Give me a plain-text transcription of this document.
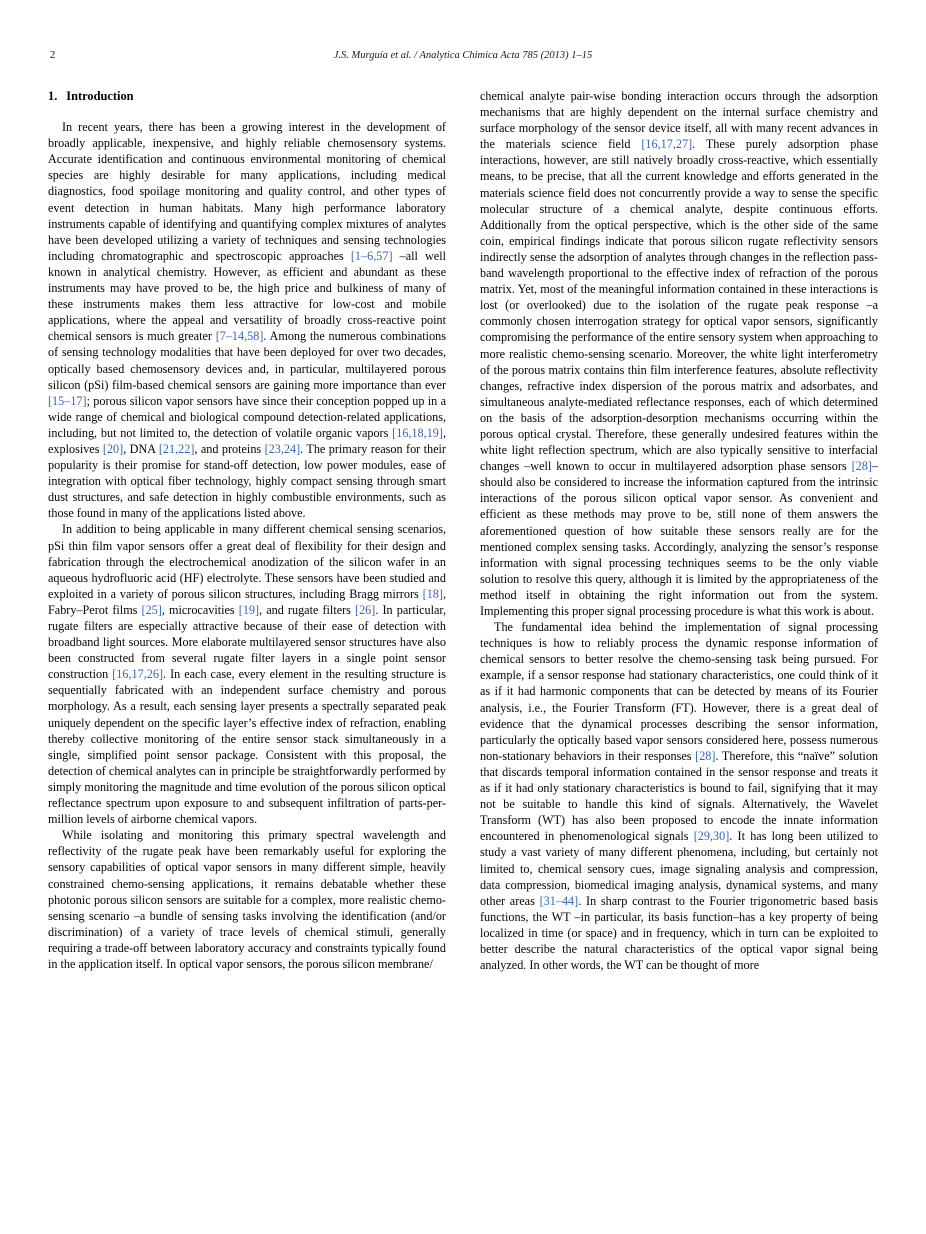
2	J.S. Murguía et al. / Analytica Chimica Acta 785 (2013) 1–15
1. Introduction

In recent years, there has been a growing interest in the development of broadly applicable, inexpensive, and highly reliable chemosensory systems. Accurate identification and continuous environmental monitoring of chemical species are highly desirable for many applications, including medical diagnostics, food spoilage monitoring and quality control, and other types of event detection in human habitats. Many high performance laboratory instruments capable of identifying and quantifying complex mixtures of analytes have been developed utilizing a variety of techniques and sensing technologies including chromatographic and spectroscopic approaches [1–6,57] –all well known in analytical chemistry. However, as efficient and abundant as these instruments may have proved to be, the high price and bulkiness of many of these instruments makes them less attractive for low-cost and mobile applications, where the appeal and versatility of broadly cross-reactive point chemical sensors is much greater [7–14,58]. Among the numerous combinations of sensing technology modalities that have been deployed for over two decades, optically based chemosensory devices and, in particular, multilayered porous silicon (pSi) film-based chemical sensors are gaining more importance than ever [15–17]; porous silicon vapor sensors have since their conception popped up in a wide range of chemical and biological compound detection-related applications, including, but not limited to, the detection of volatile organic vapors [16,18,19], explosives [20], DNA [21,22], and proteins [23,24]. The primary reason for their popularity is their promise for stand-off detection, low power modules, ease of integration with optical fiber technology, highly compact sensing through smart dust structures, and safe detection in highly combustible environments, such as those found in many of the applications listed above.

In addition to being applicable in many different chemical sensing scenarios, pSi thin film vapor sensors offer a great deal of flexibility for their design and fabrication through the electrochemical anodization of the silicon wafer in an aqueous hydrofluoric acid (HF) electrolyte. These sensors have been studied and exploited in a variety of porous silicon structures, including Bragg mirrors [18], Fabry–Perot films [25], microcavities [19], and rugate filters [26]. In particular, rugate filters are especially attractive because of their ease of detection with broadband light sources. More elaborate multilayered sensor structures have also been constructed from several rugate filter layers in a single point sensor construction [16,17,26]. In each case, every element in the resulting structure is sequentially fabricated with an independent surface chemistry and porous morphology. As a result, each sensing layer presents a spectrally separated peak uniquely dependent on the specific layer’s effective index of refraction, enabling thereby collective monitoring of the entire sensor stack simultaneously in a single, simplified point sensor package. Consistent with this proposal, the detection of chemical analytes can in principle be straightforwardly performed by simply monitoring the magnitude and time evolution of the porous silicon optical reflectance spectrum upon exposure to and subsequent infiltration of parts-per-million levels of airborne chemical vapors.

While isolating and monitoring this primary spectral wavelength and reflectivity of the rugate peak have been remarkably useful for exploring the sensory capabilities of optical vapor sensors in many different simple, heavily constrained chemo-sensing applications, it remains debatable whether these photonic porous silicon sensors are suitable for a complex, more realistic chemo-sensing scenario –a bundle of sensing tasks involving the identification (and/or discrimination) of a variety of trace levels of chemical stimuli, generally requiring a trade-off between laboratory accuracy and constraints typically found in the application itself. In optical vapor sensors, the porous silicon membrane/

chemical analyte pair-wise bonding interaction occurs through the adsorption mechanisms that are highly dependent on the internal surface chemistry and surface morphology of the sensor device itself, all with many recent advances in the materials science field [16,17,27]. These purely adsorption phase interactions, however, are still natively broadly cross-reactive, which essentially means, to be precise, that all the current knowledge and efforts generated in the materials science field does not concurrently provide a way to sense the specific molecular structure of a chemical analyte, despite continuous efforts. Additionally from the optical perspective, which is the other side of the same coin, empirical findings indicate that porous silicon rugate reflectivity sensors indirectly sense the adsorption of analytes through changes in the reflection pass-band wavelength proportional to the effective index of refraction of the porous matrix. Yet, most of the meaningful information contained in these interactions is lost (or overlooked) due to the isolation of the rugate peak response –a commonly chosen interrogation strategy for optical vapor sensors, significantly compromising the performance of the entire sensory system when approaching to more realistic chemo-sensing scenario. Moreover, the white light interferometry of the porous matrix contains thin film interference features, absolute reflectivity changes, refractive index dispersion of the porous matrix and adsorbates, and simultaneous analyte-mediated reflectance responses, each of which determined on the basis of the adsorption-desorption mechanisms occurring within the porous optical crystal. Therefore, these generally undesired features within the white light reflection spectrum, which are also typically sensitive to interfacial changes –well known to occur in multilayered adsorption phase sensors [28]–should also be considered to increase the information captured from the intrinsic interactions of the porous silicon optical vapor sensor. As convenient and efficient as these methods may prove to be, still none of them answers the aforementioned question of how suitable these sensors really are for the mentioned complex sensing tasks. Accordingly, analyzing the sensor’s response information with signal processing techniques seems to be the only viable solution to resolve this query, although it is limited by the appropriateness of the method itself in obtaining the right information out from the system. Implementing this proper signal processing procedure is what this work is about.

The fundamental idea behind the implementation of signal processing techniques is how to reliably process the dynamic response information of chemical sensors to better resolve the chemo-sensing task being pursued. For example, if a sensor response had stationary characteristics, one could think of it as if it had harmonic components that can be detected by means of its Fourier analysis, i.e., the Fourier Transform (FT). However, there is a great deal of evidence that the dynamical processes describing the sensor information, particularly the optically based vapor sensors considered here, possess numerous non-stationary behaviors in their responses [28]. Therefore, this “naïve” solution that discards temporal information contained in the sensor response and treats it as if it had only stationary characteristics is bound to fail, signifying that it may not be suitable to handle this kind of signals. Alternatively, the Wavelet Transform (WT) has also been proposed to encode the innate information encountered in phenomenological signals [29,30]. It has long been utilized to study a vast variety of many different phenomena, including, but certainly not limited to, chemical sensory cues, image signaling analysis and compression, data compression, biomedical imaging analysis, dynamical systems, and many other areas [31–44]. In sharp contrast to the Fourier trigonometric based basis functions, the WT –in particular, its basis function–has a key property of being localized in time (or space) and in frequency, which in turn can be exploited to better describe the natural characteristics of the optical vapor signal being analyzed. In other words, the WT can be thought of more
